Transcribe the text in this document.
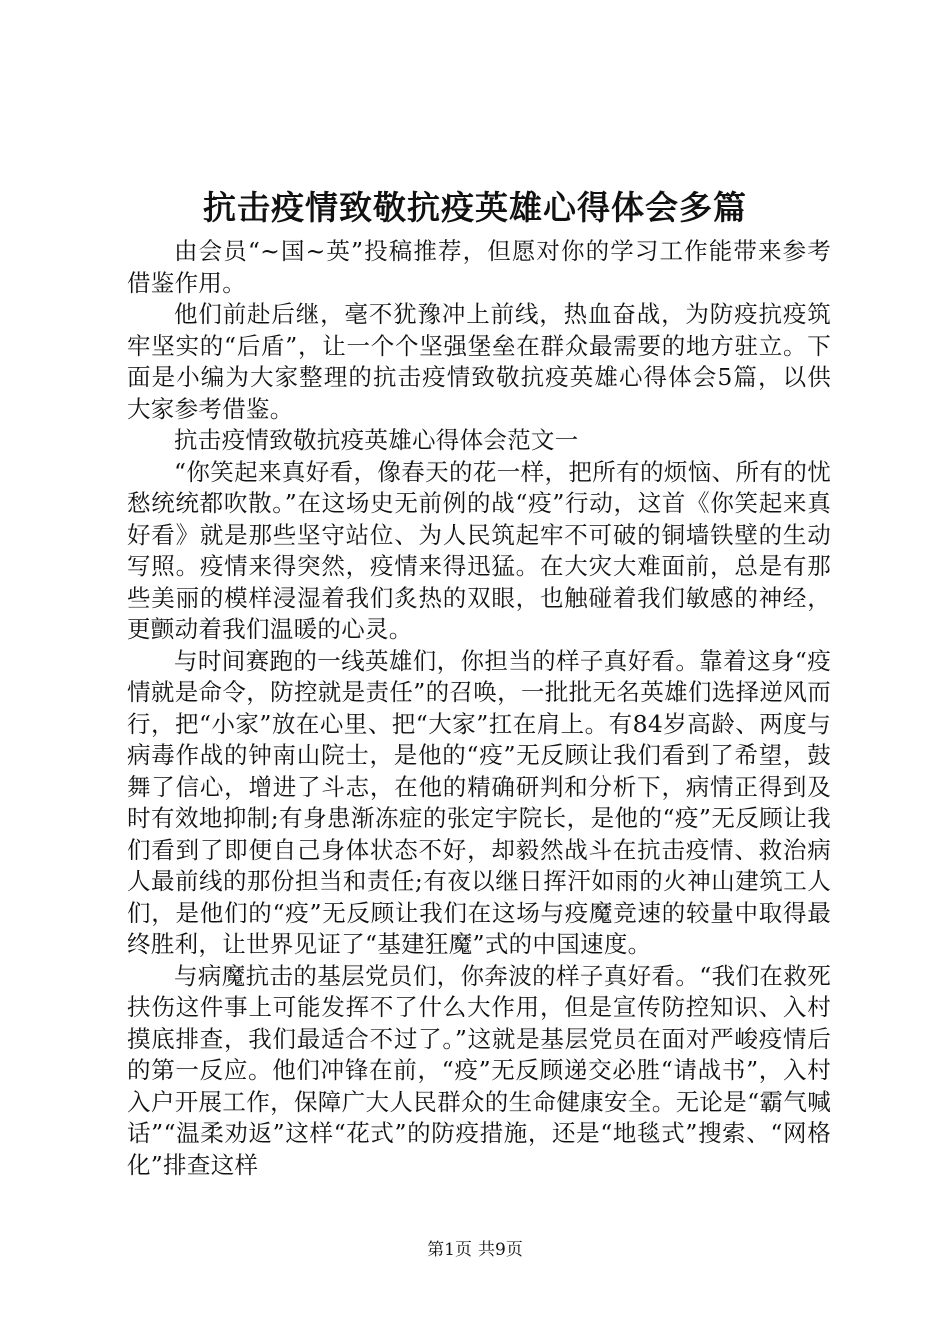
抗击疫情致敬抗疫英雄心得体会多篇

由会员“~国~英”投稿推荐，但愿对你的学习工作能带来参考借鉴作用。

他们前赴后继，毫不犹豫冲上前线，热血奋战，为防疫抗疫筑牢坚实的“后盾”，让一个个坚强堡垒在群众最需要的地方驻立。下面是小编为大家整理的抗击疫情致敬抗疫英雄心得体会5篇，以供大家参考借鉴。

抗击疫情致敬抗疫英雄心得体会范文一

“你笑起来真好看，像春天的花一样，把所有的烦恼、所有的忧愁统统都吹散。”在这场史无前例的战“疫”行动，这首《你笑起来真好看》就是那些坚守站位、为人民筑起牢不可破的铜墙铁壁的生动写照。疫情来得突然，疫情来得迅猛。在大灾大难面前，总是有那些美丽的模样浸湿着我们炙热的双眼，也触碰着我们敏感的神经，更颤动着我们温暖的心灵。

与时间赛跑的一线英雄们，你担当的样子真好看。靠着这身“疫情就是命令，防控就是责任”的召唤，一批批无名英雄们选择逆风而行，把“小家”放在心里、把“大家”扛在肩上。有84岁高龄、两度与病毒作战的钟南山院士，是他的“疫”无反顾让我们看到了希望，鼓舞了信心，增进了斗志，在他的精确研判和分析下，病情正得到及时有效地抑制;有身患渐冻症的张定宇院长，是他的“疫”无反顾让我们看到了即便自己身体状态不好，却毅然战斗在抗击疫情、救治病人最前线的那份担当和责任;有夜以继日挥汗如雨的火神山建筑工人们，是他们的“疫”无反顾让我们在这场与疫魔竞速的较量中取得最终胜利，让世界见证了“基建狂魔”式的中国速度。

与病魔抗击的基层党员们，你奔波的样子真好看。“我们在救死扶伤这件事上可能发挥不了什么大作用，但是宣传防控知识、入村摸底排查，我们最适合不过了。”这就是基层党员在面对严峻疫情后的第一反应。他们冲锋在前，“疫”无反顾递交必胜“请战书”，入村入户开展工作，保障广大人民群众的生命健康安全。无论是“霸气喊话”“温柔劝返”这样“花式”的防疫措施，还是“地毯式”搜索、“网格化”排查这样

第1页 共9页
